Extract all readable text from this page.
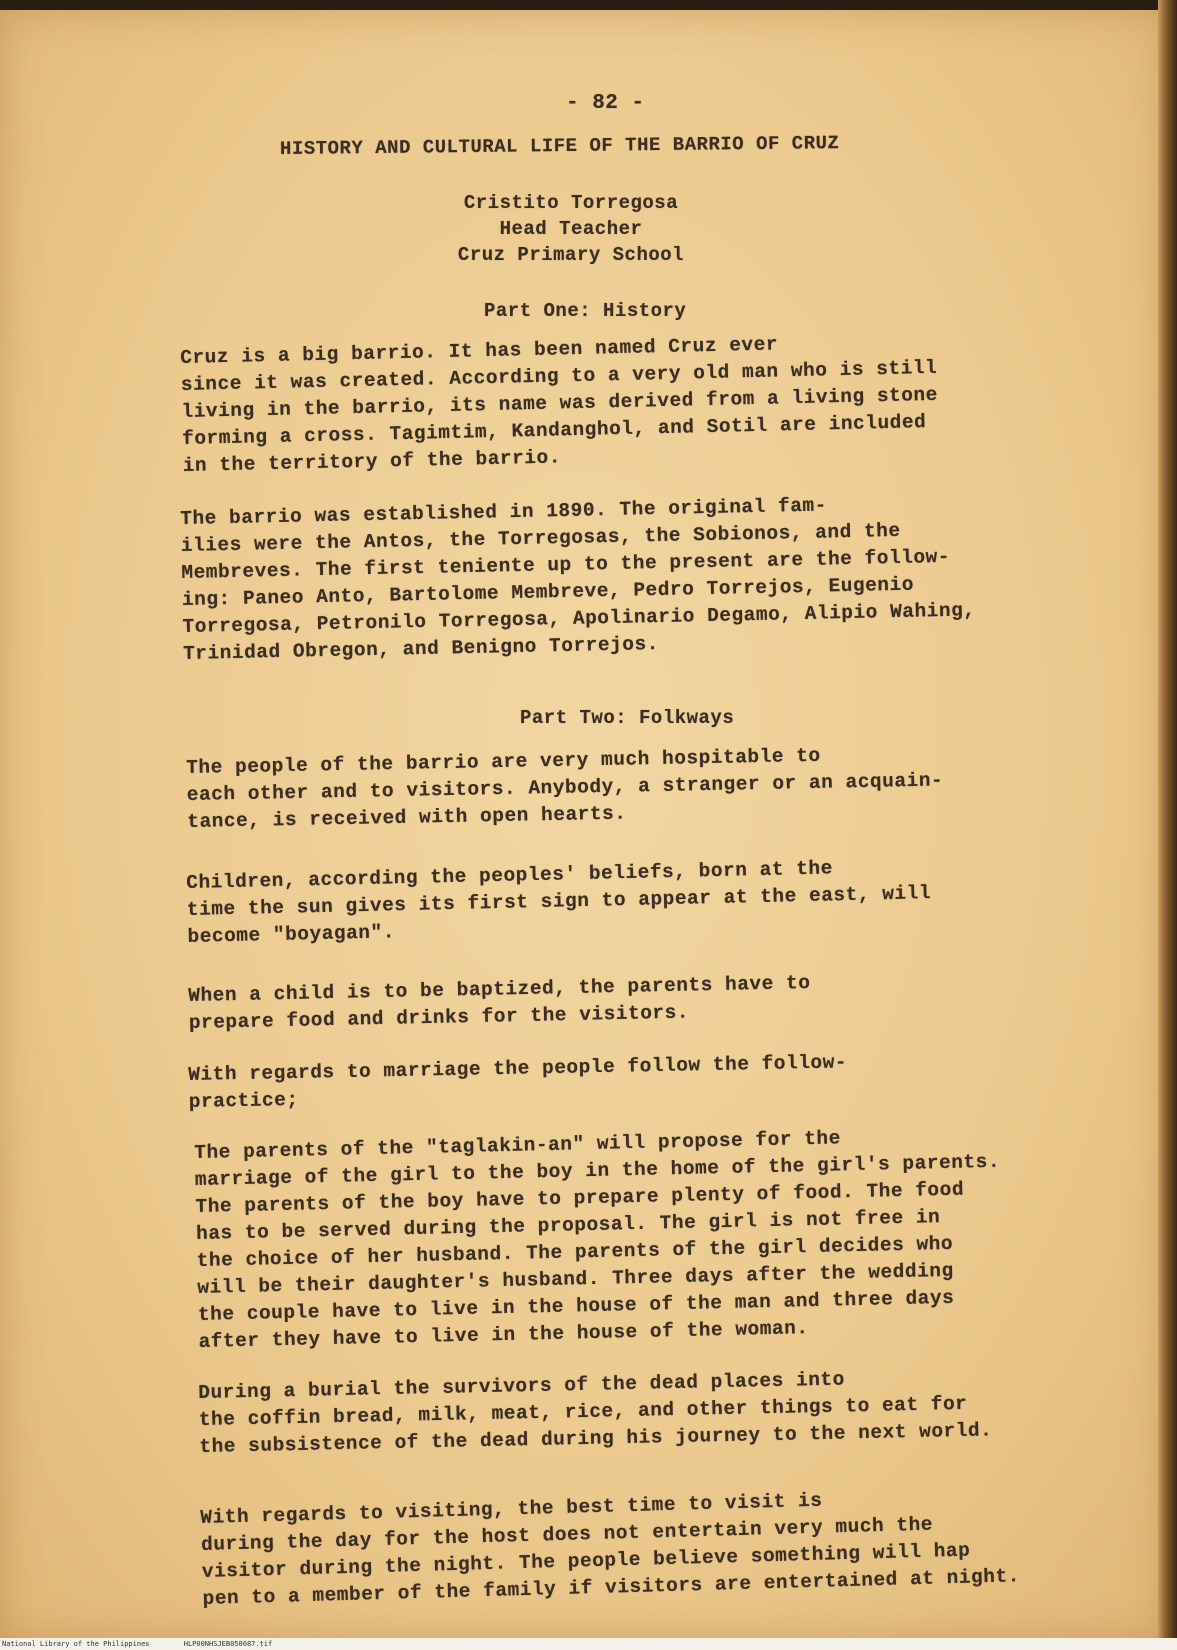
- 82 -
HISTORY AND CULTURAL LIFE OF THE BARRIO OF CRUZ
Cristito Torregosa
Head Teacher
Cruz Primary School
Part One: History
Cruz is a big barrio. It has been named Cruz ever
since it was created. According to a very old man who is still
living in the barrio, its name was derived from a living stone
forming a cross. Tagimtim, Kandanghol, and Sotil are included
in the territory of the barrio.
The barrio was established in 1890. The original fam-
ilies were the Antos, the Torregosas, the Sobionos, and the
Membreves. The first teniente up to the present are the follow-
ing: Paneo Anto, Bartolome Membreve, Pedro Torrejos, Eugenio
Torregosa, Petronilo Torregosa, Apolinario Degamo, Alipio Wahing,
Trinidad Obregon, and Benigno Torrejos.
Part Two: Folkways
The people of the barrio are very much hospitable to
each other and to visitors. Anybody, a stranger or an acquain-
tance, is received with open hearts.
Children, according the peoples' beliefs, born at the
time the sun gives its first sign to appear at the east, will
become "boyagan".
When a child is to be baptized, the parents have to
prepare food and drinks for the visitors.
With regards to marriage the people follow the follow-
practice;
The parents of the "taglakin-an" will propose for the
marriage of the girl to the boy in the home of the girl's parents.
The parents of the boy have to prepare plenty of food. The food
has to be served during the proposal. The girl is not free in
the choice of her husband. The parents of the girl decides who
will be their daughter's husband. Three days after the wedding
the couple have to live in the house of the man and three days
after they have to live in the house of the woman.
During a burial the survivors of the dead places into
the coffin bread, milk, meat, rice, and other things to eat for
the subsistence of the dead during his journey to the next world.
With regards to visiting, the best time to visit is
during the day for the host does not entertain very much the
visitor during the night. The people believe something will hap
pen to a member of the family if visitors are entertained at night.
National Library of the Philippines	HLP00NHSJEB050087.tif
